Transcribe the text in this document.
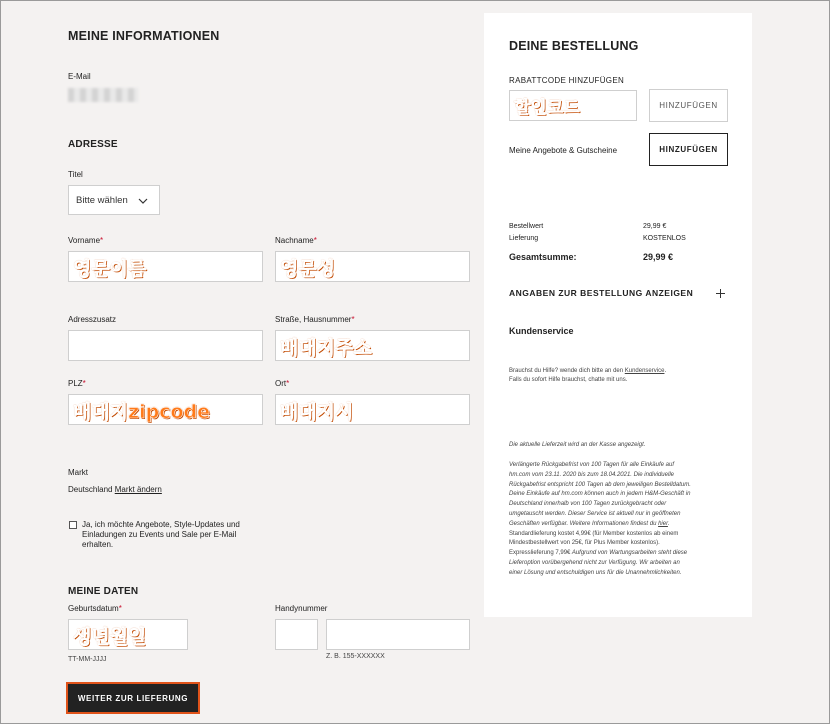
MEINE INFORMATIONEN
E-Mail
ADRESSE
Titel
Bitte wählen
Vorname*
영문이름
Nachname*
영문성
Adresszusatz	Straße, Hausnummer*
배대지주소
PLZ*
배대지zipcode
Ort*
배대지시
Markt
Deutschland Markt ändern
Ja, ich möchte Angebote, Style-Updates und Einladungen zu Events und Sale per E-Mail erhalten.
MEINE DATEN
Geburtsdatum*
생년월일
TT-MM-JJJJ
Handynummer
Z. B. 155-XXXXXX
WEITER ZUR LIEFERUNG
DEINE BESTELLUNG
RABATTCODE HINZUFÜGEN
할인코드	HINZUFÜGEN
Meine Angebote & Gutscheine	HINZUFÜGEN
Bestellwert	29,99 €
Lieferung	KOSTENLOS
Gesamtsumme:	29,99 €
ANGABEN ZUR BESTELLUNG ANZEIGEN
Kundenservice
Brauchst du Hilfe? wende dich bitte an den Kundenservice.
Falls du sofort Hilfe brauchst, chatte mit uns.
Die aktuelle Lieferzeit wird an der Kasse angezeigt.
Verlängerte Rückgabefrist von 100 Tagen für alle Einkäufe auf
hm.com vom 23.11. 2020 bis zum 18.04.2021. Die individuelle
Rückgabefrist entspricht 100 Tagen ab dem jeweiligen Bestelldatum.
Deine Einkäufe auf hm.com können auch in jedem H&M-Geschäft in
Deutschland innerhalb von 100 Tagen zurückgebracht oder
umgetauscht werden. Dieser Service ist aktuell nur in geöffneten
Geschäften verfügbar. Weitere Informationen findest du hier.
Standardlieferung kostet 4,99€ (für Member kostenlos ab einem
Mindestbestellwert von 25€, für Plus Member kostenlos).
Expresslieferung 7,99€ Aufgrund von Wartungsarbeiten steht diese
Lieferoption vorübergehend nicht zur Verfügung. Wir arbeiten an
einer Lösung und entschuldigen uns für die Unannehmlichkeiten.
